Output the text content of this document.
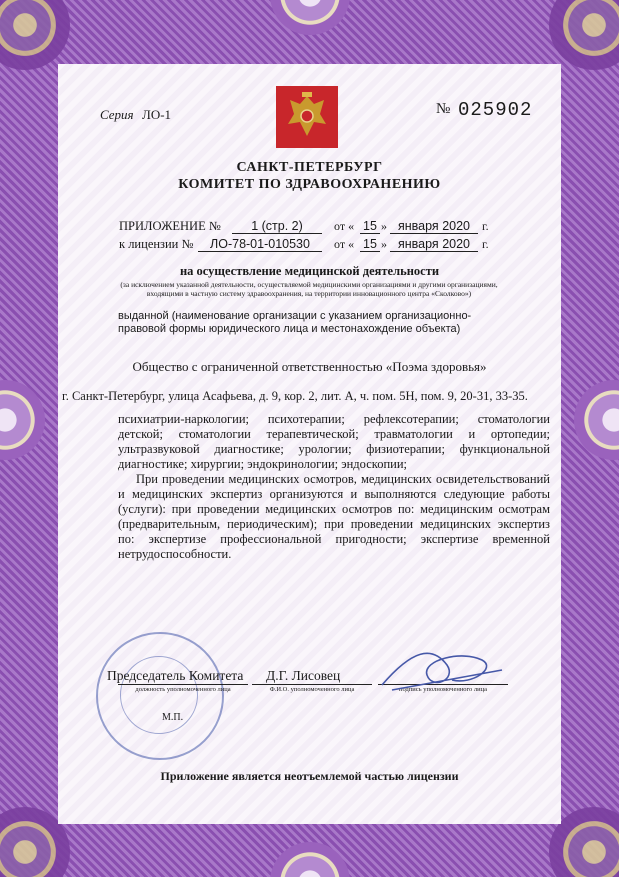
Серия ЛО-1	№ 025902
САНКТ-ПЕТЕРБУРГ
КОМИТЕТ ПО ЗДРАВООХРАНЕНИЮ
ПРИЛОЖЕНИЕ №	1 (стр. 2)	от « 15 » января 2020	г.
к лицензии №	ЛО-78-01-010530	от « 15 » января 2020	г.
на осуществление медицинской деятельности
(за исключением указанной деятельности, осуществляемой медицинскими организациями и другими организациями, входящими в частную систему здравоохранения, на территории инновационного центра «Сколково»)
выданной (наименование организации с указанием организационно-правовой формы юридического лица и местонахождение объекта)
Общество с ограниченной ответственностью «Поэма здоровья»
г. Санкт-Петербург, улица Асафьева, д. 9, кор. 2, лит. А, ч. пом. 5Н, пом. 9, 20-31, 33-35.

психиатрии-наркологии; психотерапии; рефлексотерапии; стоматологии детской; стоматологии терапевтической; травматологии и ортопедии; ультразвуковой диагностике; урологии; физиотерапии; функциональной диагностике; хирургии; эндокринологии; эндоскопии;

При проведении медицинских осмотров, медицинских освидетельствований и медицинских экспертиз организуются и выполняются следующие работы (услуги): при проведении медицинских осмотров по: медицинским осмотрам (предварительным, периодическим); при проведении медицинских экспертиз по: экспертизе профессиональной пригодности; экспертизе временной нетрудоспособности.

Председатель Комитета Д.Г. Лисовец
должность уполномоченного лица	Ф.И.О. уполномоченного лица	подпись уполномоченного лица
М.П.
Приложение является неотъемлемой частью лицензии
